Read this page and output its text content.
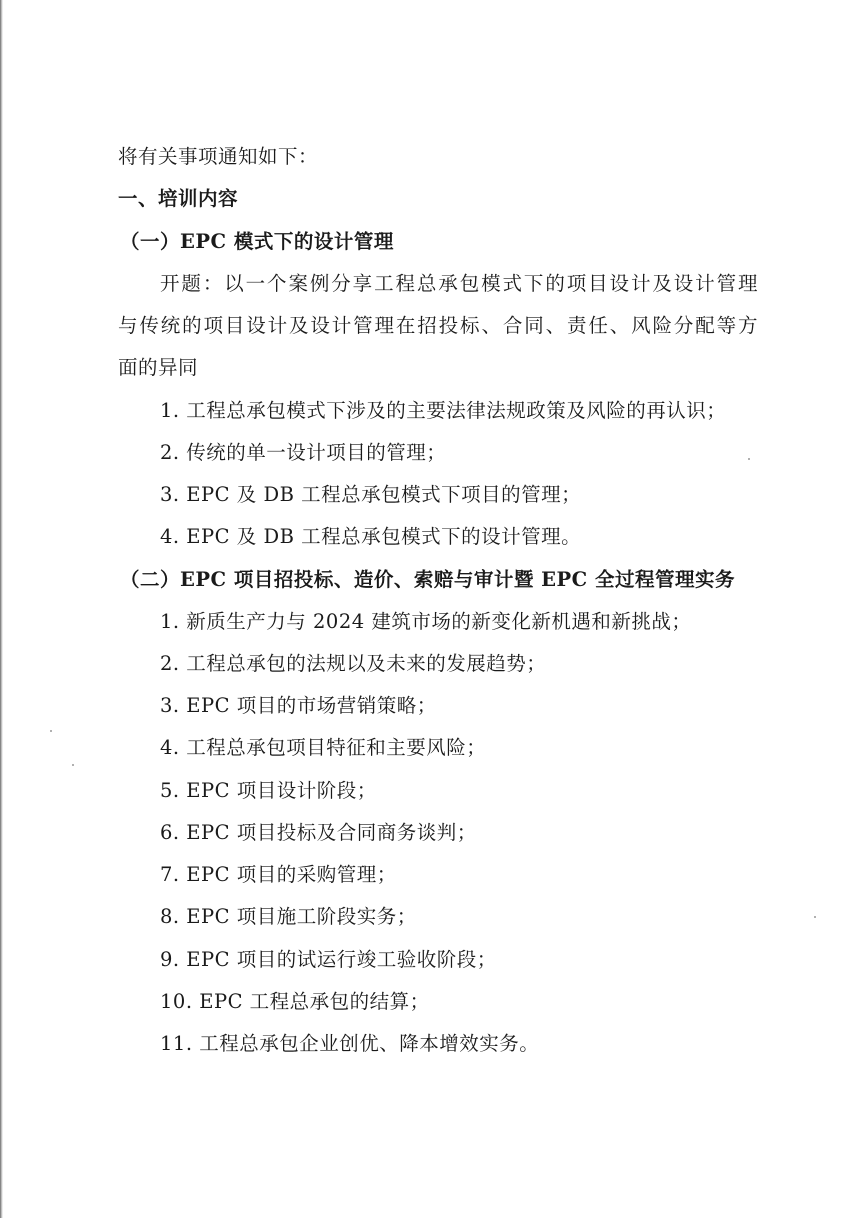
将有关事项通知如下：
一、培训内容
（一）EPC 模式下的设计管理
开题：以一个案例分享工程总承包模式下的项目设计及设计管理
与传统的项目设计及设计管理在招投标、合同、责任、风险分配等方
面的异同
1. 工程总承包模式下涉及的主要法律法规政策及风险的再认识；
2. 传统的单一设计项目的管理；
3. EPC 及 DB 工程总承包模式下项目的管理；
4. EPC 及 DB 工程总承包模式下的设计管理。
（二）EPC 项目招投标、造价、索赔与审计暨 EPC 全过程管理实务
1. 新质生产力与 2024 建筑市场的新变化新机遇和新挑战；
2. 工程总承包的法规以及未来的发展趋势；
3. EPC 项目的市场营销策略；
4. 工程总承包项目特征和主要风险；
5. EPC 项目设计阶段；
6. EPC 项目投标及合同商务谈判；
7. EPC 项目的采购管理；
8. EPC 项目施工阶段实务；
9. EPC 项目的试运行竣工验收阶段；
10. EPC 工程总承包的结算；
11. 工程总承包企业创优、降本增效实务。
